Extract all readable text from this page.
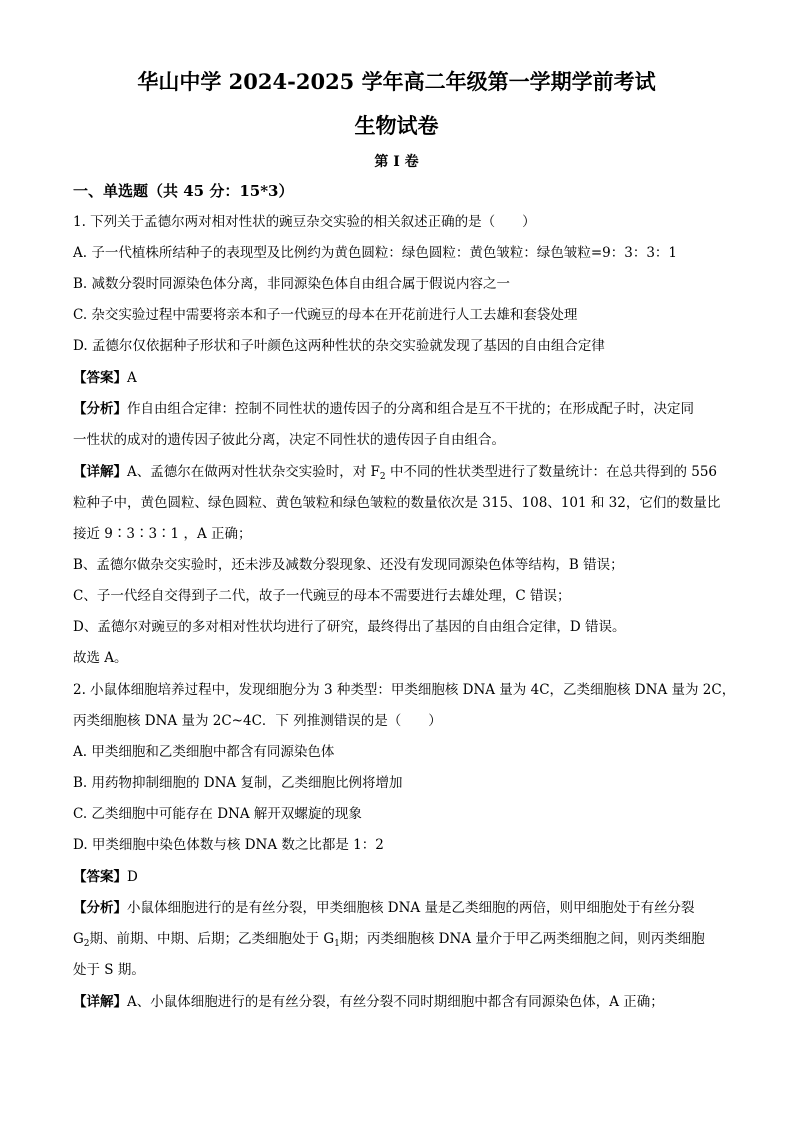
华山中学 2024-2025 学年高二年级第一学期学前考试
生物试卷
第 I 卷
一、单选题（共 45 分：15*3）
1. 下列关于孟德尔两对相对性状的豌豆杂交实验的相关叙述正确的是（　　）
A. 子一代植株所结种子的表现型及比例约为黄色圆粒：绿色圆粒：黄色皱粒：绿色皱粒=9：3：3：1
B. 减数分裂时同源染色体分离，非同源染色体自由组合属于假说内容之一
C. 杂交实验过程中需要将亲本和子一代豌豆的母本在开花前进行人工去雄和套袋处理
D. 孟德尔仅依据种子形状和子叶颜色这两种性状的杂交实验就发现了基因的自由组合定律
【答案】A
【分析】作自由组合定律：控制不同性状的遗传因子的分离和组合是互不干扰的；在形成配子时，决定同
一性状的成对的遗传因子彼此分离，决定不同性状的遗传因子自由组合。
【详解】A、孟德尔在做两对性状杂交实验时，对 $F_2$ 中不同的性状类型进行了数量统计：在总共得到的 556
粒种子中，黄色圆粒、绿色圆粒、黄色皱粒和绿色皱粒的数量依次是 315、108、101 和 32，它们的数量比
接近 9∶3∶3∶1 ，A 正确；
B、孟德尔做杂交实验时，还未涉及减数分裂现象、还没有发现同源染色体等结构，B 错误；
C、子一代经自交得到子二代，故子一代豌豆的母本不需要进行去雄处理，C 错误；
D、孟德尔对豌豆的多对相对性状均进行了研究，最终得出了基因的自由组合定律，D 错误。
故选 A。
2. 小鼠体细胞培养过程中，发现细胞分为 3 种类型：甲类细胞核 DNA 量为 4C，乙类细胞核 DNA 量为 2C，
丙类细胞核 DNA 量为 2C~4C．下 列推测错误的是（　　）
A. 甲类细胞和乙类细胞中都含有同源染色体
B. 用药物抑制细胞的 DNA 复制，乙类细胞比例将增加
C. 乙类细胞中可能存在 DNA 解开双螺旋的现象
D. 甲类细胞中染色体数与核 DNA 数之比都是 1：2
【答案】D
【分析】小鼠体细胞进行的是有丝分裂，甲类细胞核 DNA 量是乙类细胞的两倍，则甲细胞处于有丝分裂
$G_2$期、前期、中期、后期；乙类细胞处于 $G_1$期；丙类细胞核 DNA 量介于甲乙两类细胞之间，则丙类细胞
处于 S 期。
【详解】A、小鼠体细胞进行的是有丝分裂，有丝分裂不同时期细胞中都含有同源染色体，A 正确；
